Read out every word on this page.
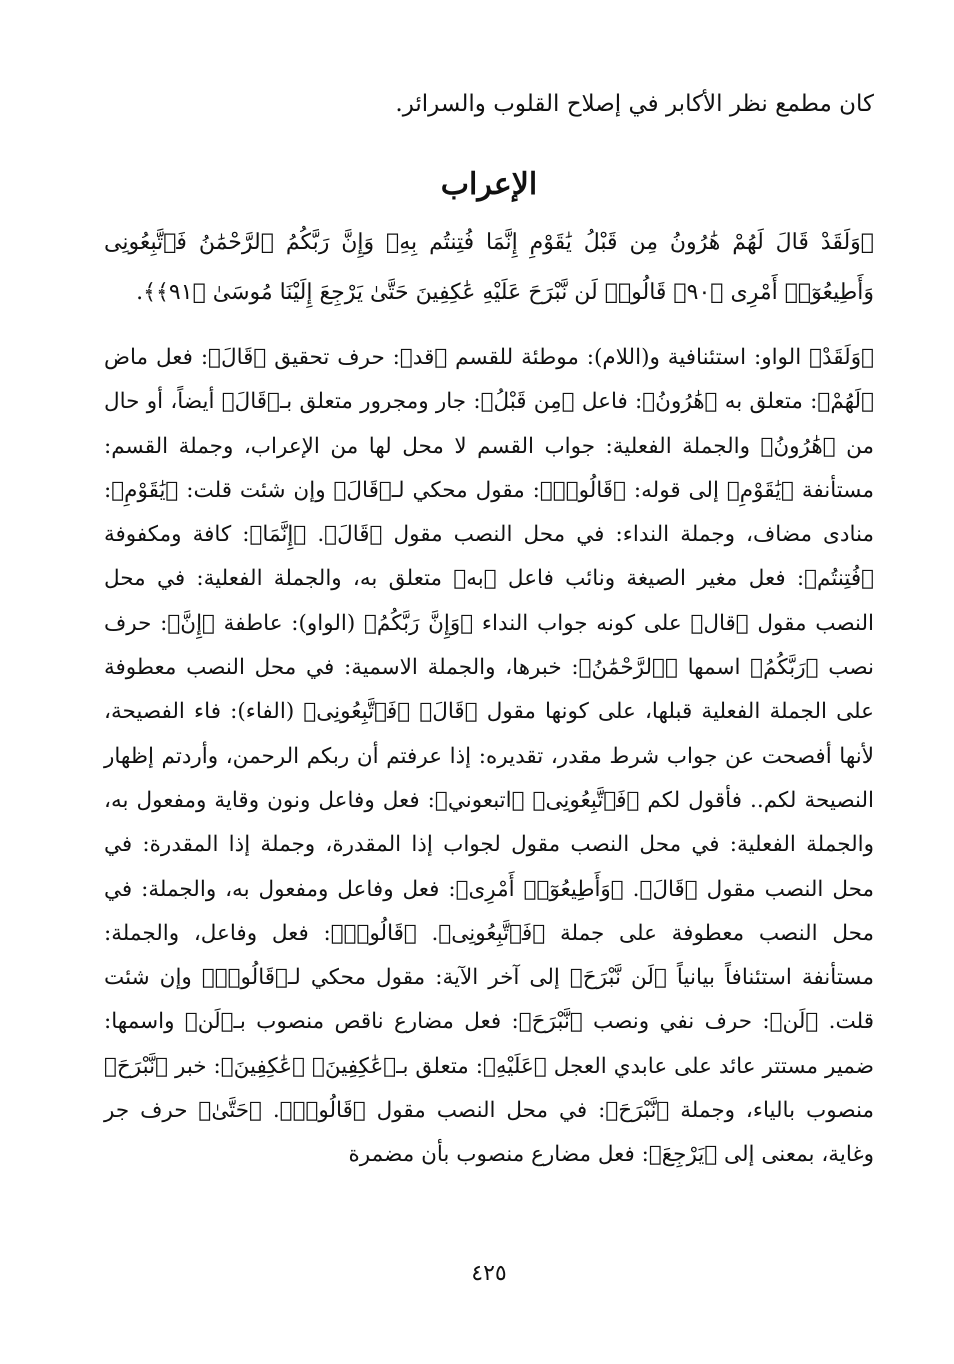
كان مطمع نظر الأكابر في إصلاح القلوب والسرائر.

الإعراب

﴿وَلَقَدْ قَالَ لَهُمْ هَٰرُونُ مِن قَبْلُ يَٰقَوْمِ إِنَّمَا فُتِنتُم بِهِۦ وَإِنَّ رَبَّكُمُ ٱلرَّحْمَٰنُ فَٱتَّبِعُونِى وَأَطِيعُوٓا۟ أَمْرِى ﴿٩٠﴾ قَالُوا۟ لَن نَّبْرَحَ عَلَيْهِ عَٰكِفِينَ حَتَّىٰ يَرْجِعَ إِلَيْنَا مُوسَىٰ ﴿٩١﴾﴾.

﴿وَلَقَدْ﴾ الواو: استئنافية و(اللام): موطئة للقسم ﴿قد﴾: حرف تحقيق ﴿قَالَ﴾: فعل ماض ﴿لَهُمْ﴾: متعلق به ﴿هَٰرُونُ﴾: فاعل ﴿مِن قَبْلُ﴾: جار ومجرور متعلق بـ﴿قَالَ﴾ أيضاً، أو حال من ﴿هَٰرُونُ﴾ والجملة الفعلية: جواب القسم لا محل لها من الإعراب، وجملة القسم: مستأنفة ﴿يَٰقَوْمِ﴾ إلى قوله: ﴿قَالُوا۟﴾: مقول محكي لـ﴿قَالَ﴾ وإن شئت قلت: ﴿يَٰقَوْمِ﴾: منادى مضاف، وجملة النداء: في محل النصب مقول ﴿قَالَ﴾. ﴿إِنَّمَا﴾: كافة ومكفوفة ﴿فُتِنتُم﴾: فعل مغير الصيغة ونائب فاعل ﴿به﴾ متعلق به، والجملة الفعلية: في محل النصب مقول ﴿قال﴾ على كونه جواب النداء ﴿وَإِنَّ رَبَّكُمُ﴾ (الواو): عاطفة ﴿إِنَّ﴾: حرف نصب ﴿رَبَّكُمُ﴾ اسمها ﴿ٱلرَّحْمَٰنُ﴾: خبرها، والجملة الاسمية: في محل النصب معطوفة على الجملة الفعلية قبلها، على كونها مقول ﴿قَالَ﴾ ﴿فَٱتَّبِعُونِى﴾ (الفاء): فاء الفصيحة، لأنها أفصحت عن جواب شرط مقدر، تقديره: إذا عرفتم أن ربكم الرحمن، وأردتم إظهار النصيحة لكم.. فأقول لكم ﴿فَٱتَّبِعُونِى﴾ ﴿اتبعوني﴾: فعل وفاعل ونون وقاية ومفعول به، والجملة الفعلية: في محل النصب مقول لجواب إذا المقدرة، وجملة إذا المقدرة: في محل النصب مقول ﴿قَالَ﴾. ﴿وَأَطِيعُوٓا۟ أَمْرِى﴾: فعل وفاعل ومفعول به، والجملة: في محل النصب معطوفة على جملة ﴿فَٱتَّبِعُونِى﴾. ﴿قَالُوا۟﴾: فعل وفاعل، والجملة: مستأنفة استئنافاً بيانياً ﴿لَن نَّبْرَحَ﴾ إلى آخر الآية: مقول محكي لـ﴿قَالُوا۟﴾ وإن شئت قلت. ﴿لَن﴾: حرف نفي ونصب ﴿نَّبْرَحَ﴾: فعل مضارع ناقص منصوب بـ﴿لَن﴾ واسمها: ضمير مستتر عائد على عابدي العجل ﴿عَلَيْهِ﴾: متعلق بـ﴿عَٰكِفِينَ﴾ ﴿عَٰكِفِينَ﴾: خبر ﴿نَّبْرَحَ﴾ منصوب بالياء، وجملة ﴿نَّبْرَحَ﴾: في محل النصب مقول ﴿قَالُوا۟﴾. ﴿حَتَّىٰ﴾ حرف جر وغاية، بمعنى إلى ﴿يَرْجِعَ﴾: فعل مضارع منصوب بأن مضمرة

٤٢٥
